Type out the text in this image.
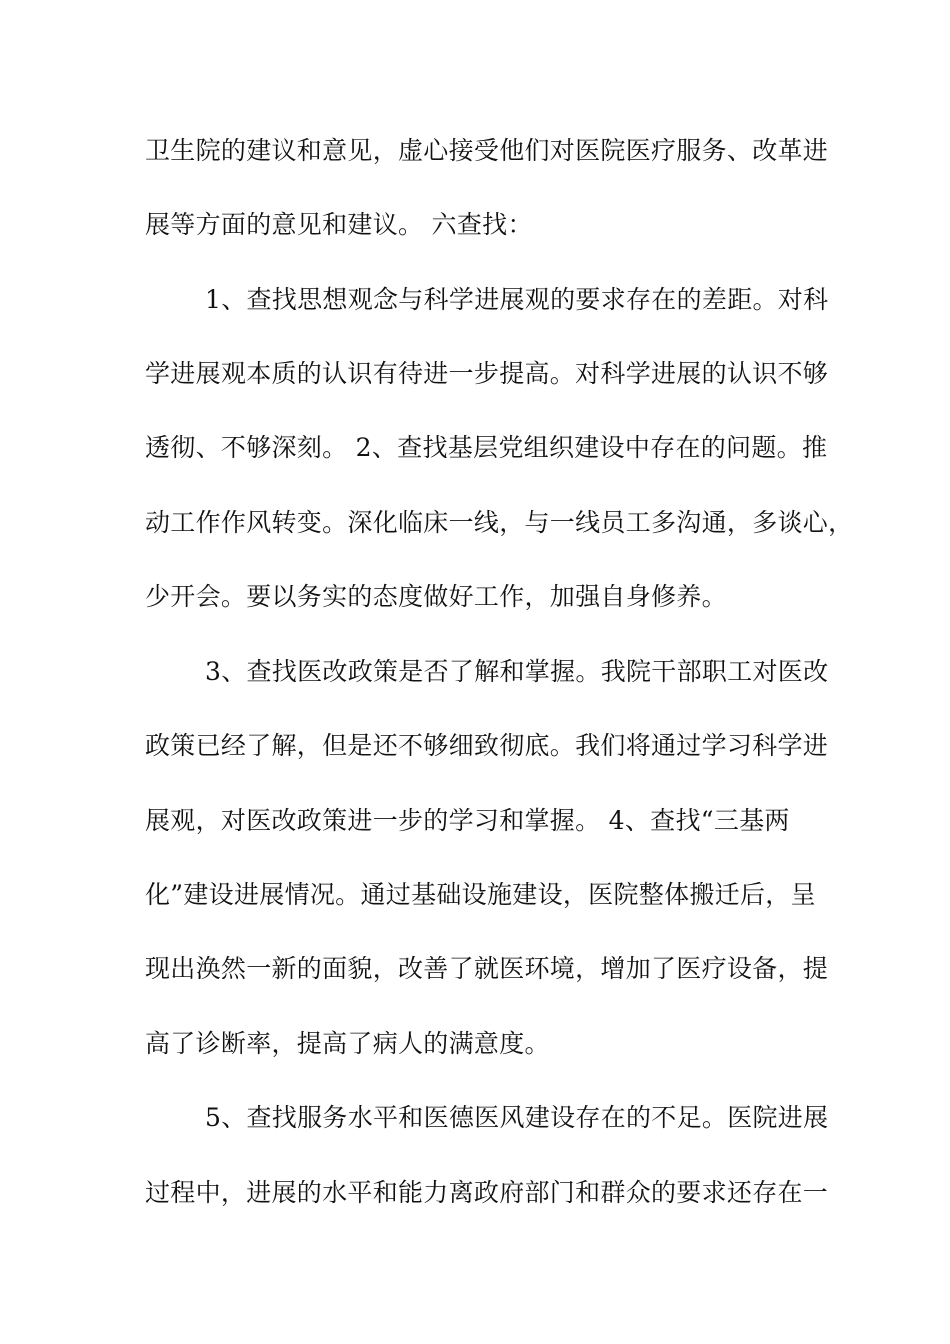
卫生院的建议和意见，虚心接受他们对医院医疗服务、改革进
展等方面的意见和建议。 六查找：
1、查找思想观念与科学进展观的要求存在的差距。对科
学进展观本质的认识有待进一步提高。对科学进展的认识不够
透彻、不够深刻。 2、查找基层党组织建设中存在的问题。推
动工作作风转变。深化临床一线，与一线员工多沟通，多谈心，
少开会。要以务实的态度做好工作，加强自身修养。
3、查找医改政策是否了解和掌握。我院干部职工对医改
政策已经了解，但是还不够细致彻底。我们将通过学习科学进
展观，对医改政策进一步的学习和掌握。 4、查找“三基两
化”建设进展情况。通过基础设施建设，医院整体搬迁后，呈
现出涣然一新的面貌，改善了就医环境，增加了医疗设备，提
高了诊断率，提高了病人的满意度。
5、查找服务水平和医德医风建设存在的不足。医院进展
过程中，进展的水平和能力离政府部门和群众的要求还存在一
